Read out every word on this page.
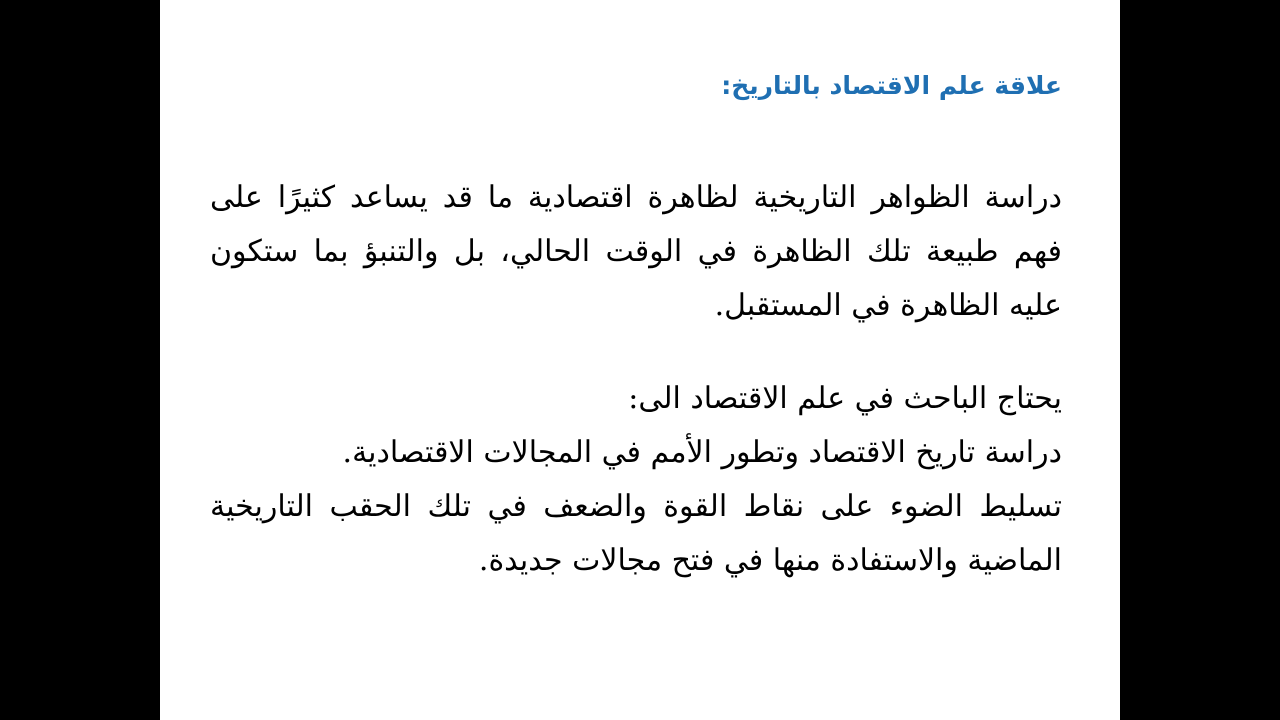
علاقة علم الاقتصاد بالتاريخ:

دراسة الظواهر التاريخية لظاهرة اقتصادية ما قد يساعد كثيرًا على فهم طبيعة تلك الظاهرة في الوقت الحالي، بل والتنبؤ بما ستكون عليه الظاهرة في المستقبل.

يحتاج الباحث في علم الاقتصاد الى:
دراسة تاريخ الاقتصاد وتطور الأمم في المجالات الاقتصادية.
تسليط الضوء على نقاط القوة والضعف في تلك الحقب التاريخية الماضية والاستفادة منها في فتح مجالات جديدة.
